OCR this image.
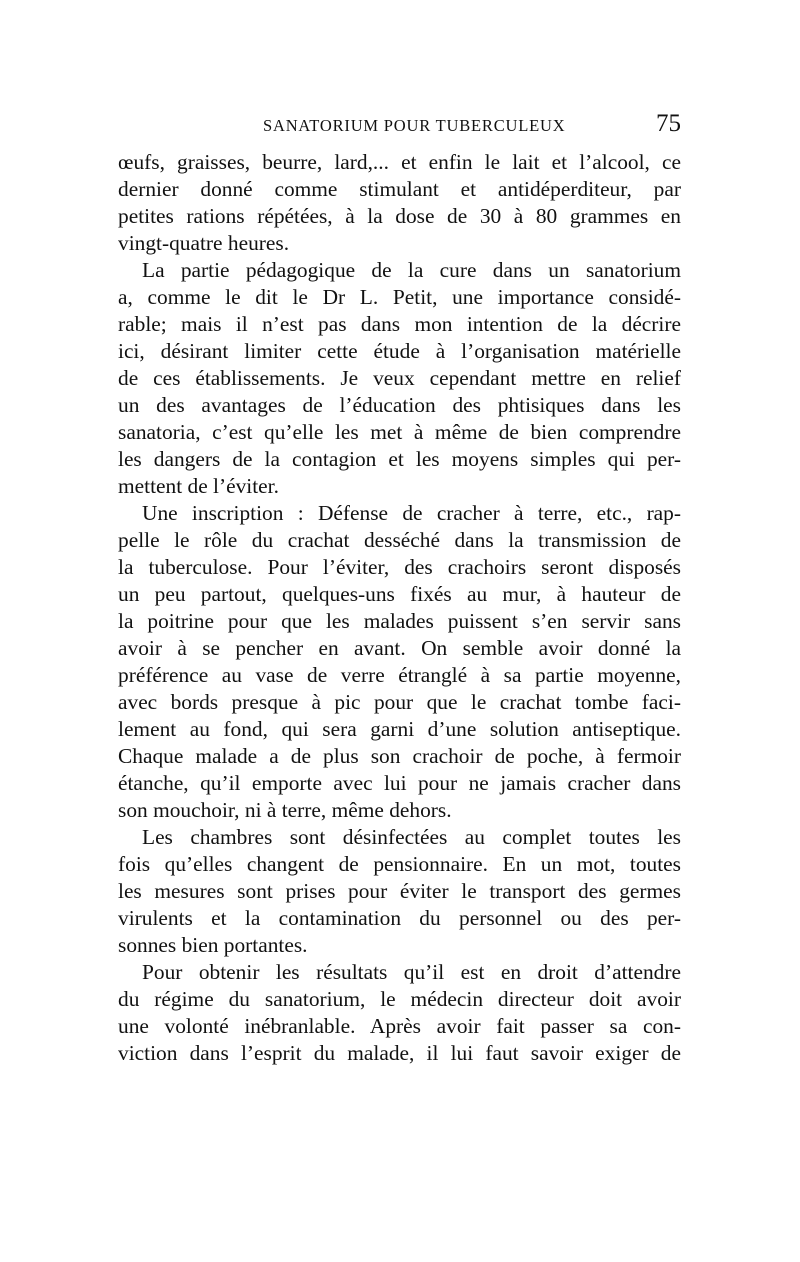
SANATORIUM POUR TUBERCULEUX	75
œufs, graisses, beurre, lard,... et enfin le lait et l’alcool, ce
dernier donné comme stimulant et antidéperditeur, par
petites rations répétées, à la dose de 30 à 80 grammes en
vingt-quatre heures.
La partie pédagogique de la cure dans un sanatorium
a, comme le dit le Dr L. Petit, une importance considé-
rable; mais il n’est pas dans mon intention de la décrire
ici, désirant limiter cette étude à l’organisation matérielle
de ces établissements. Je veux cependant mettre en relief
un des avantages de l’éducation des phtisiques dans les
sanatoria, c’est qu’elle les met à même de bien comprendre
les dangers de la contagion et les moyens simples qui per-
mettent de l’éviter.
Une inscription : Défense de cracher à terre, etc., rap-
pelle le rôle du crachat desséché dans la transmission de
la tuberculose. Pour l’éviter, des crachoirs seront disposés
un peu partout, quelques-uns fixés au mur, à hauteur de
la poitrine pour que les malades puissent s’en servir sans
avoir à se pencher en avant. On semble avoir donné la
préférence au vase de verre étranglé à sa partie moyenne,
avec bords presque à pic pour que le crachat tombe faci-
lement au fond, qui sera garni d’une solution antiseptique.
Chaque malade a de plus son crachoir de poche, à fermoir
étanche, qu’il emporte avec lui pour ne jamais cracher dans
son mouchoir, ni à terre, même dehors.
Les chambres sont désinfectées au complet toutes les
fois qu’elles changent de pensionnaire. En un mot, toutes
les mesures sont prises pour éviter le transport des germes
virulents et la contamination du personnel ou des per-
sonnes bien portantes.
Pour obtenir les résultats qu’il est en droit d’attendre
du régime du sanatorium, le médecin directeur doit avoir
une volonté inébranlable. Après avoir fait passer sa con-
viction dans l’esprit du malade, il lui faut savoir exiger de
